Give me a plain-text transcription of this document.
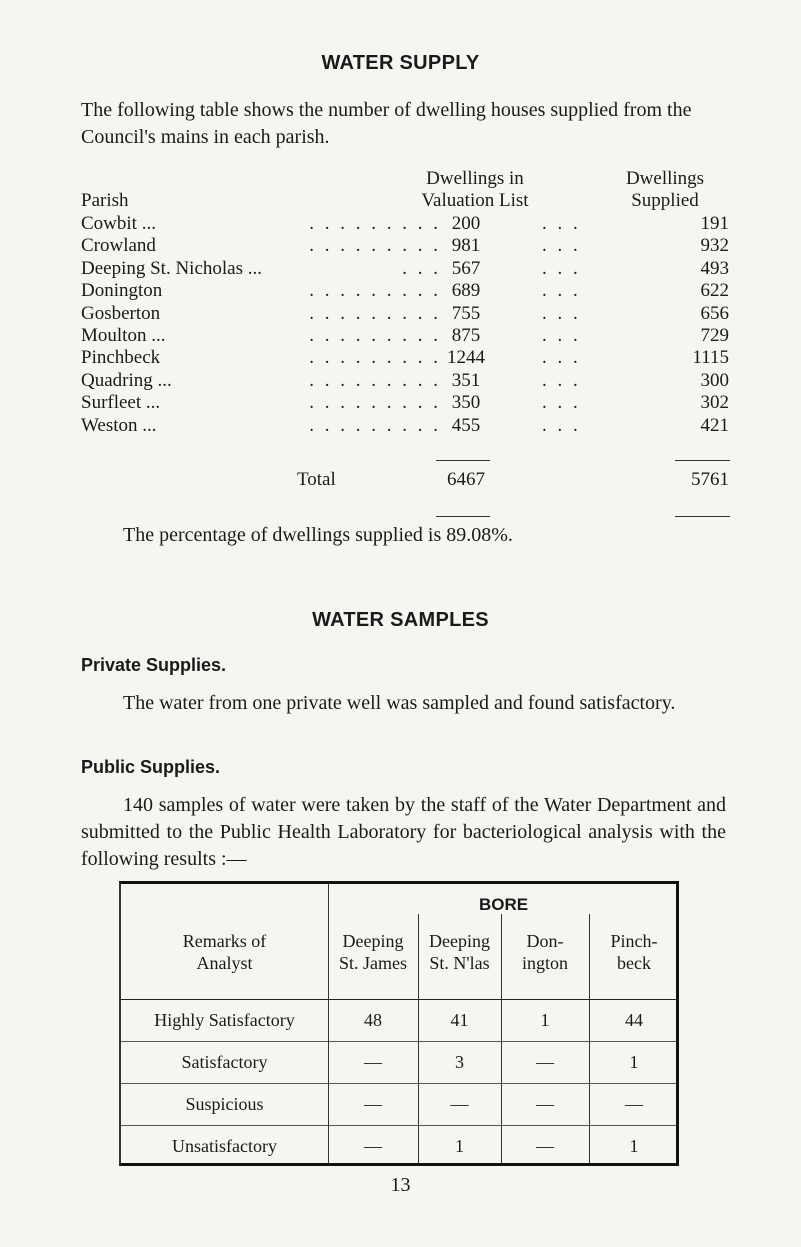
WATER SUPPLY
The following table shows the number of dwelling houses supplied from the Council's mains in each parish.
Parish
Dwellings in
Valuation List
Dwellings
Supplied
Cowbit ...	. . . . . . . . . 200	. . .	191
Crowland	. . . . . . . . . 981	. . .	932
Deeping St. Nicholas ...	. . . 567	. . .	493
Donington	. . . . . . . . . 689	. . .	622
Gosberton	. . . . . . . . . 755	. . .	656
Moulton ...	. . . . . . . . . 875	. . .	729
Pinchbeck	. . . . . . . . . 1244	. . .	1115
Quadring ...	. . . . . . . . . 351	. . .	300
Surfleet ...	. . . . . . . . . 350	. . .	302
Weston ...	. . . . . . . . . 455	. . .	421
Total	6467	5761
The percentage of dwellings supplied is 89.08%.
WATER SAMPLES
Private Supplies.
The water from one private well was sampled and found satisfactory.
Public Supplies.
140 samples of water were taken by the staff of the Water Department and submitted to the Public Health Laboratory for bacteriological analysis with the following results :—
Remarks of
Analyst
BORE
Deeping
St. James
Deeping
St. N'las
Don-
ington
Pinch-
beck
Highly Satisfactory	48	41	1	44
Satisfactory	—	3	—	1
Suspicious	—	—	—	—
Unsatisfactory	—	1	—	1
13
